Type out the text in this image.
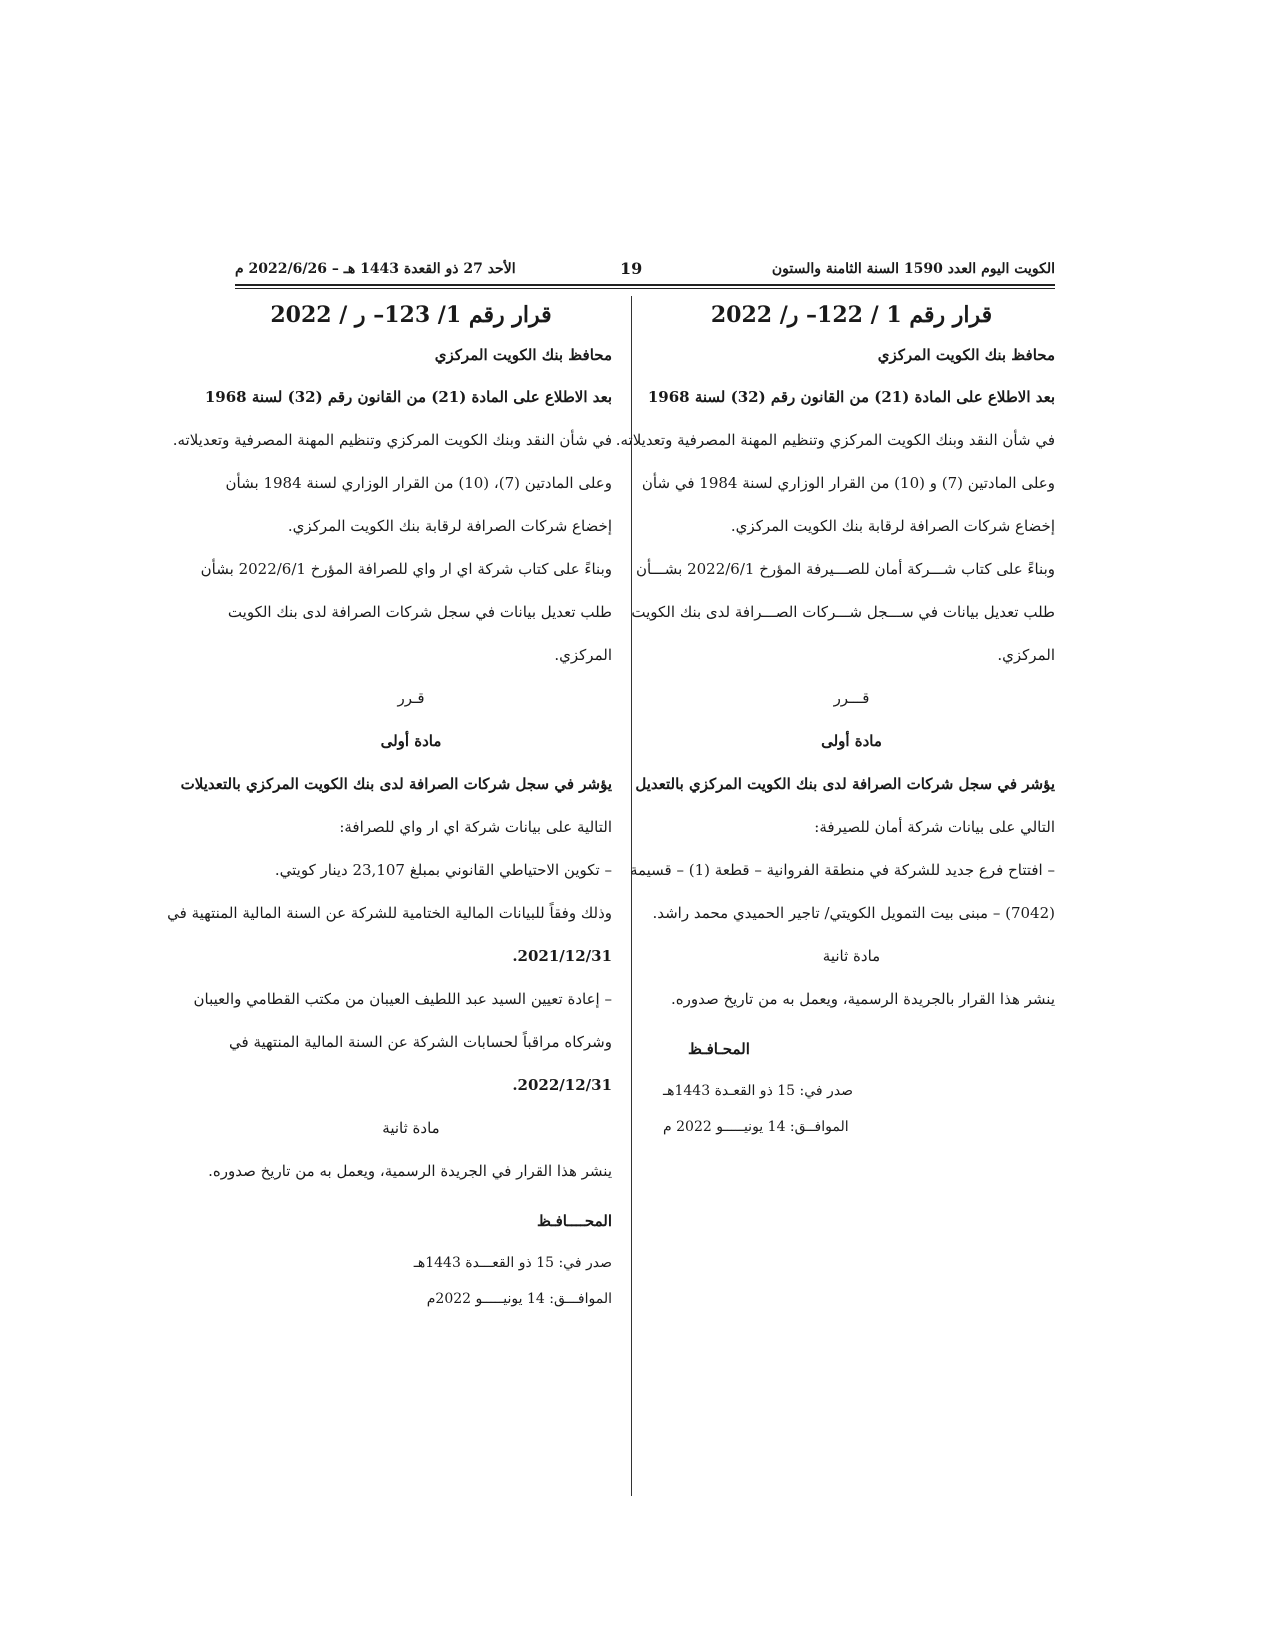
الكويت اليوم العدد 1590 السنة الثامنة والستون
19
الأحد 27 ذو القعدة 1443 هـ – 2022/6/26 م
قرار رقم 1 / 122– ر/ 2022
محافظ بنك الكويت المركزي
بعد الاطلاع على المادة (21) من القانون رقم (32) لسنة 1968
في شأن النقد وبنك الكويت المركزي وتنظيم المهنة المصرفية وتعديلاته.
وعلى المادتين (7) و (10) من القرار الوزاري لسنة 1984 في شأن
إخضاع شركات الصرافة لرقابة بنك الكويت المركزي.
وبناءً على كتاب شـــركة أمان للصـــيرفة المؤرخ 2022/6/1 بشـــأن
طلب تعديل بيانات في ســـجل شـــركات الصـــرافة لدى بنك الكويت
المركزي.
قـــرر
مادة أولى
يؤشر في سجل شركات الصرافة لدى بنك الكويت المركزي بالتعديل
التالي على بيانات شركة أمان للصيرفة:
– افتتاح فرع جديد للشركة في منطقة الفروانية – قطعة (1) – قسيمة
(7042) – مبنى بيت التمويل الكويتي/ تاجير الحميدي محمد راشد.
مادة ثانية
ينشر هذا القرار بالجريدة الرسمية، ويعمل به من تاريخ صدوره.
المحـافـظ
صدر في: 15 ذو القعـدة 1443هـ
الموافــق: 14 يونيـــــو 2022 م
قرار رقم 1/ 123– ر / 2022
محافظ بنك الكويت المركزي
بعد الاطلاع على المادة (21) من القانون رقم (32) لسنة 1968
في شأن النقد وبنك الكويت المركزي وتنظيم المهنة المصرفية وتعديلاته.
وعلى المادتين (7)، (10) من القرار الوزاري لسنة 1984 بشأن
إخضاع شركات الصرافة لرقابة بنك الكويت المركزي.
وبناءً على كتاب شركة اي ار واي للصرافة المؤرخ 2022/6/1 بشأن
طلب تعديل بيانات في سجل شركات الصرافة لدى بنك الكويت
المركزي.
قـرر
مادة أولى
يؤشر في سجل شركات الصرافة لدى بنك الكويت المركزي بالتعديلات
التالية على بيانات شركة اي ار واي للصرافة:
– تكوين الاحتياطي القانوني بمبلغ 23,107 دينار كويتي.
وذلك وفقاً للبيانات المالية الختامية للشركة عن السنة المالية المنتهية في
2021/12/31.
– إعادة تعيين السيد عبد اللطيف العيبان من مكتب القطامي والعيبان
وشركاه مراقباً لحسابات الشركة عن السنة المالية المنتهية في
2022/12/31.
مادة ثانية
ينشر هذا القرار في الجريدة الرسمية، ويعمل به من تاريخ صدوره.
المحــــافـظ
صدر في: 15 ذو القعـــدة 1443هـ
الموافـــق: 14 يونيـــــو 2022م
